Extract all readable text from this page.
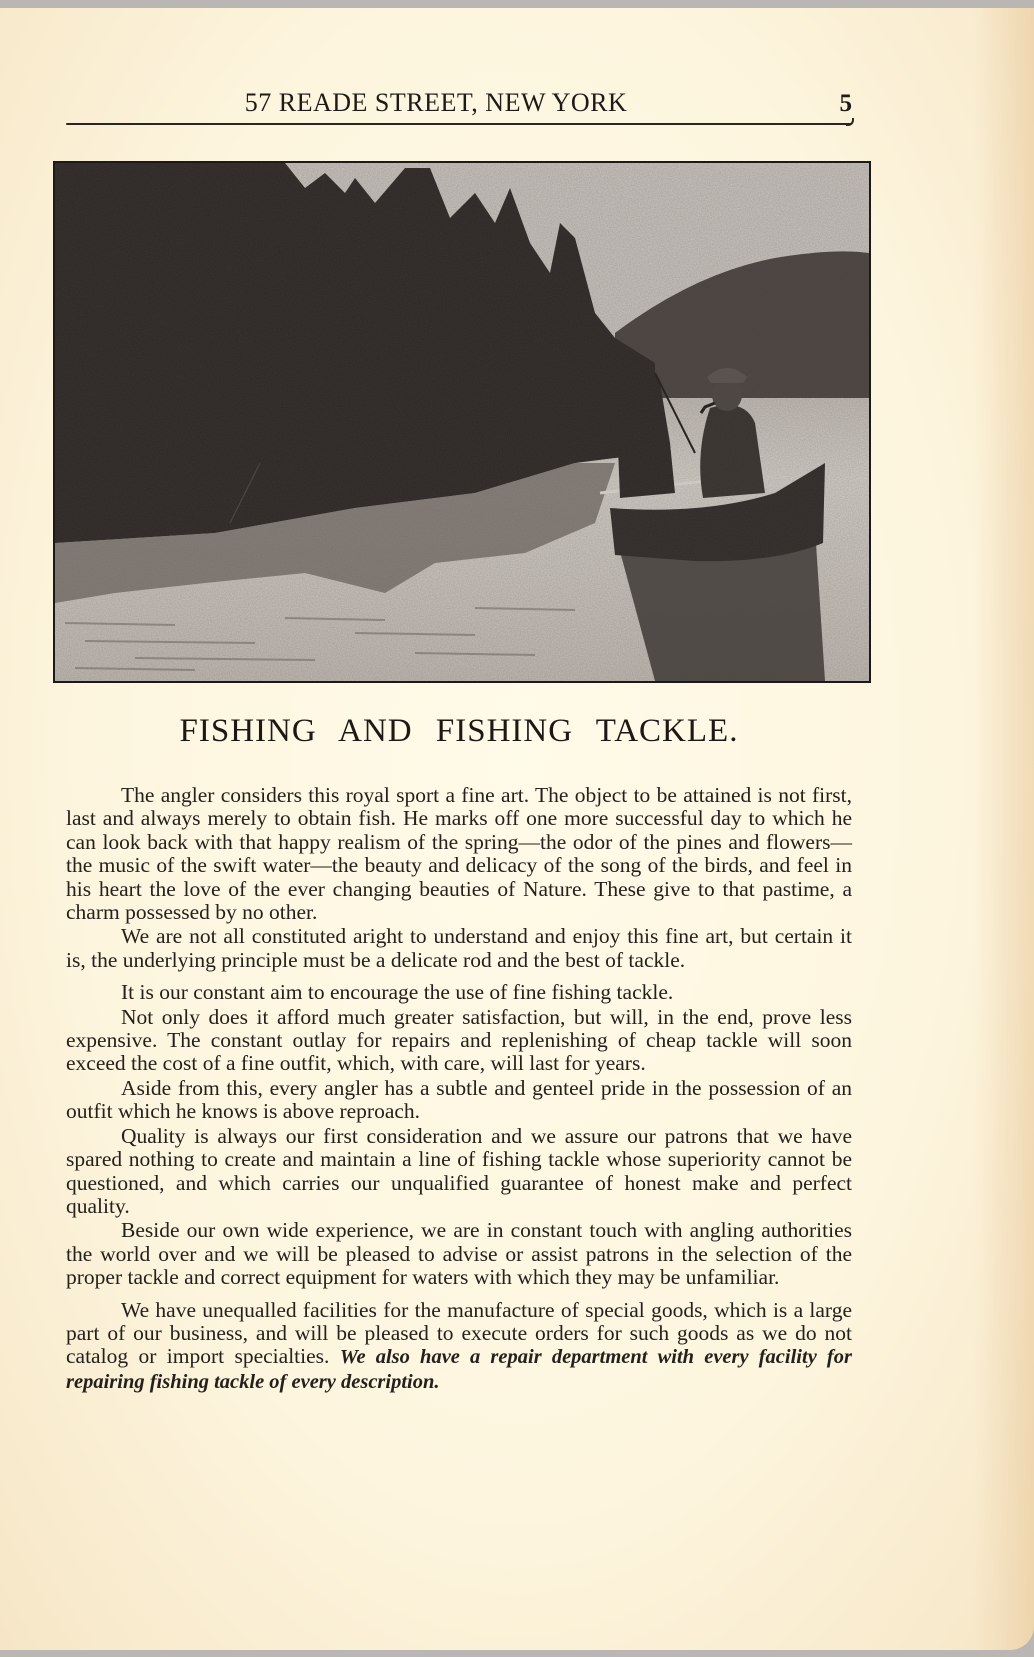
57 READE STREET, NEW YORK	5
FISHING AND FISHING TACKLE.

The angler considers this royal sport a fine art. The object to be attained is not first, last and always merely to obtain fish. He marks off one more successful day to which he can look back with that happy realism of the spring—the odor of the pines and flowers—the music of the swift water—the beauty and delicacy of the song of the birds, and feel in his heart the love of the ever changing beauties of Nature. These give to that pastime, a charm possessed by no other.

We are not all constituted aright to understand and enjoy this fine art, but certain it is, the underlying principle must be a delicate rod and the best of tackle.

It is our constant aim to encourage the use of fine fishing tackle.

Not only does it afford much greater satisfaction, but will, in the end, prove less expensive. The constant outlay for repairs and replenishing of cheap tackle will soon exceed the cost of a fine outfit, which, with care, will last for years.

Aside from this, every angler has a subtle and genteel pride in the possession of an outfit which he knows is above reproach.

Quality is always our first consideration and we assure our patrons that we have spared nothing to create and maintain a line of fishing tackle whose superiority cannot be questioned, and which carries our unqualified guarantee of honest make and perfect quality.

Beside our own wide experience, we are in constant touch with angling authorities the world over and we will be pleased to advise or assist patrons in the selection of the proper tackle and correct equipment for waters with which they may be unfamiliar.

We have unequalled facilities for the manufacture of special goods, which is a large part of our business, and will be pleased to execute orders for such goods as we do not catalog or import specialties. We also have a repair department with every facility for repairing fishing tackle of every description.
